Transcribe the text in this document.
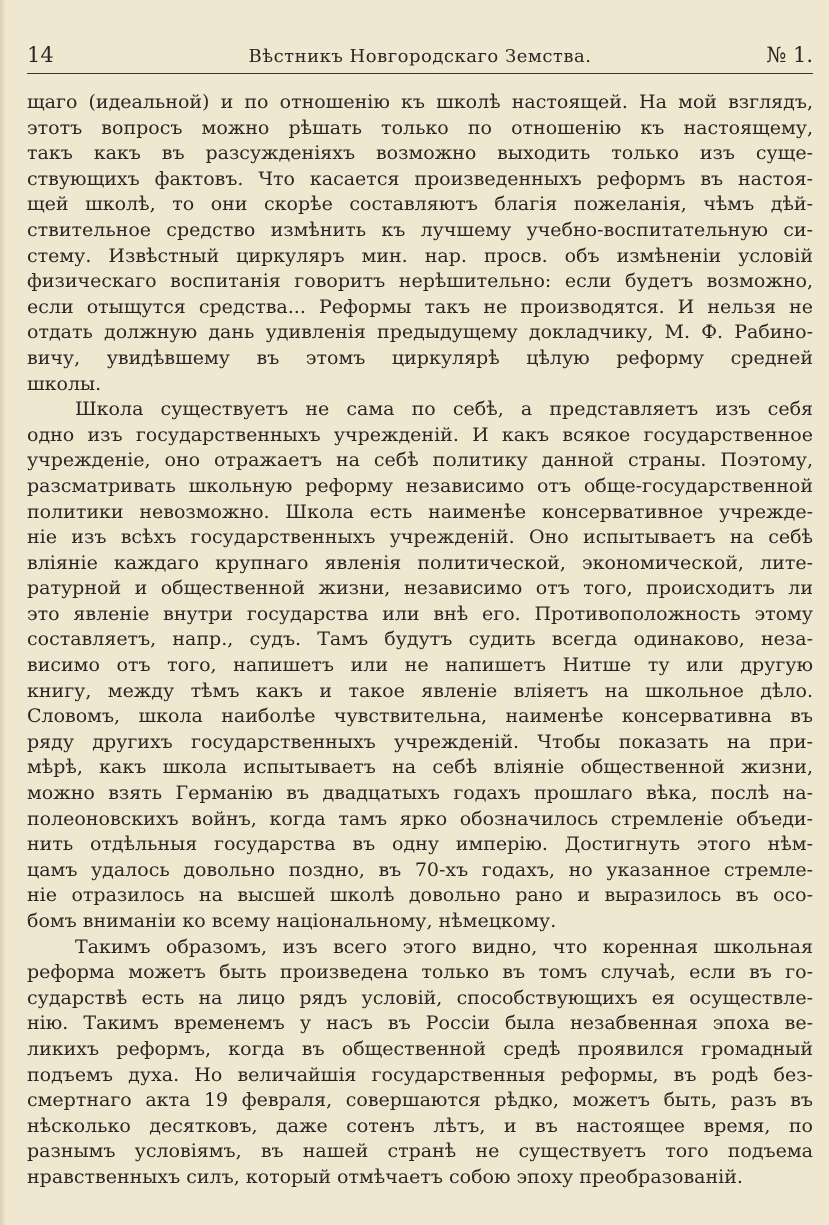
14	Вѣстникъ Новгородскаго Земства.	№ 1.
щаго (идеальной) и по отношенію къ школѣ настоящей. На мой взглядъ,
этотъ вопросъ можно рѣшать только по отношенію къ настоящему,
такъ какъ въ разсужденіяхъ возможно выходить только изъ суще-
ствующихъ фактовъ. Что касается произведенныхъ реформъ въ настоя-
щей школѣ, то они скорѣе составляютъ благія пожеланія, чѣмъ дѣй-
ствительное средство измѣнить къ лучшему учебно-воспитательную си-
стему. Извѣстный циркуляръ мин. нар. просв. объ измѣненіи условій
физическаго воспитанія говоритъ нерѣшительно: если будетъ возможно,
если отыщутся средства... Реформы такъ не производятся. И нельзя не
отдать должную дань удивленія предыдущему докладчику, М. Ф. Рабино-
вичу, увидѣвшему въ этомъ циркулярѣ цѣлую реформу средней
школы.
Школа существуетъ не сама по себѣ, а представляетъ изъ себя
одно изъ государственныхъ учрежденій. И какъ всякое государственное
учрежденіе, оно отражаетъ на себѣ политику данной страны. Поэтому,
разсматривать школьную реформу независимо отъ обще-государственной
политики невозможно. Школа есть наименѣе консервативное учрежде-
ніе изъ всѣхъ государственныхъ учрежденій. Оно испытываетъ на себѣ
вліяніе каждаго крупнаго явленія политической, экономической, лите-
ратурной и общественной жизни, независимо отъ того, происходитъ ли
это явленіе внутри государства или внѣ его. Противоположность этому
составляетъ, напр., судъ. Тамъ будутъ судить всегда одинаково, неза-
висимо отъ того, напишетъ или не напишетъ Нитше ту или другую
книгу, между тѣмъ какъ и такое явленіе вліяетъ на школьное дѣло.
Словомъ, школа наиболѣе чувствительна, наименѣе консервативна въ
ряду другихъ государственныхъ учрежденій. Чтобы показать на при-
мѣрѣ, какъ школа испытываетъ на себѣ вліяніе общественной жизни,
можно взять Германію въ двадцатыхъ годахъ прошлаго вѣка, послѣ на-
полеоновскихъ войнъ, когда тамъ ярко обозначилось стремленіе объеди-
нить отдѣльныя государства въ одну имперію. Достигнуть этого нѣм-
цамъ удалось довольно поздно, въ 70-хъ годахъ, но указанное стремле-
ніе отразилось на высшей школѣ довольно рано и выразилось въ осо-
бомъ вниманіи ко всему національному, нѣмецкому.
Такимъ образомъ, изъ всего этого видно, что коренная школьная
реформа можетъ быть произведена только въ томъ случаѣ, если въ го-
сударствѣ есть на лицо рядъ условій, способствующихъ ея осуществле-
нію. Такимъ временемъ у насъ въ Россіи была незабвенная эпоха ве-
ликихъ реформъ, когда въ общественной средѣ проявился громадный
подъемъ духа. Но величайшія государственныя реформы, въ родѣ без-
смертнаго акта 19 февраля, совершаются рѣдко, можетъ быть, разъ въ
нѣсколько десятковъ, даже сотенъ лѣтъ, и въ настоящее время, по
разнымъ условіямъ, въ нашей странѣ не существуетъ того подъема
нравственныхъ силъ, который отмѣчаетъ собою эпоху преобразованій.
